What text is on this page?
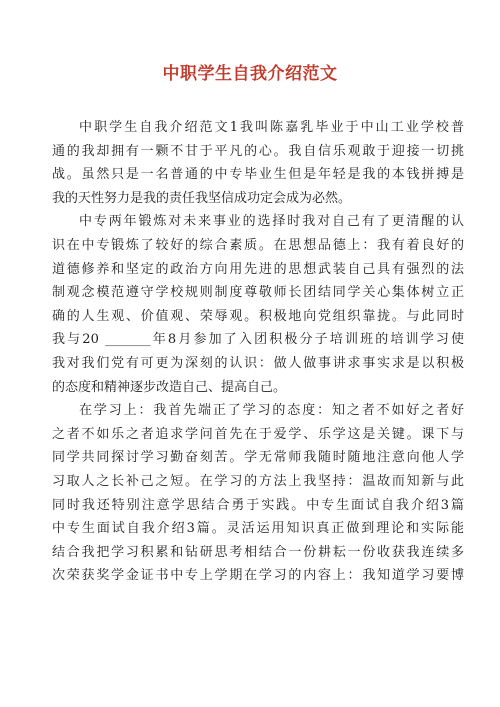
中职学生自我介绍范文
中职学生自我介绍范文1我叫陈嘉乳毕业于中山工业学校普
通的我却拥有一颗不甘于平凡的心。我自信乐观敢于迎接一切挑
战。虽然只是一名普通的中专毕业生但是年轻是我的本钱拼搏是
我的天性努力是我的责任我坚信成功定会成为必然。
中专两年锻炼对未来事业的选择时我对自己有了更清醒的认
识在中专锻炼了较好的综合素质。在思想品德上：我有着良好的
道德修养和坚定的政治方向用先进的思想武装自己具有强烈的法
制观念模范遵守学校规则制度尊敬师长团结同学关心集体树立正
确的人生观、价值观、荣辱观。积极地向党组织靠拢。与此同时
我与20 _______年8月参加了入团积极分子培训班的培训学习使
我对我们党有可更为深刻的认识：做人做事讲求事实求是以积极
的态度和精神逐步改造自己、提高自己。
在学习上：我首先端正了学习的态度：知之者不如好之者好
之者不如乐之者追求学问首先在于爱学、乐学这是关键。课下与
同学共同探讨学习勤奋刻苦。学无常师我随时随地注意向他人学
习取人之长补己之短。在学习的方法上我坚持：温故而知新与此
同时我还特别注意学思结合勇于实践。中专生面试自我介绍3篇
中专生面试自我介绍3篇。灵活运用知识真正做到理论和实际能
结合我把学习积累和钻研思考相结合一份耕耘一份收获我连续多
次荣获奖学金证书中专上学期在学习的内容上：我知道学习要博
